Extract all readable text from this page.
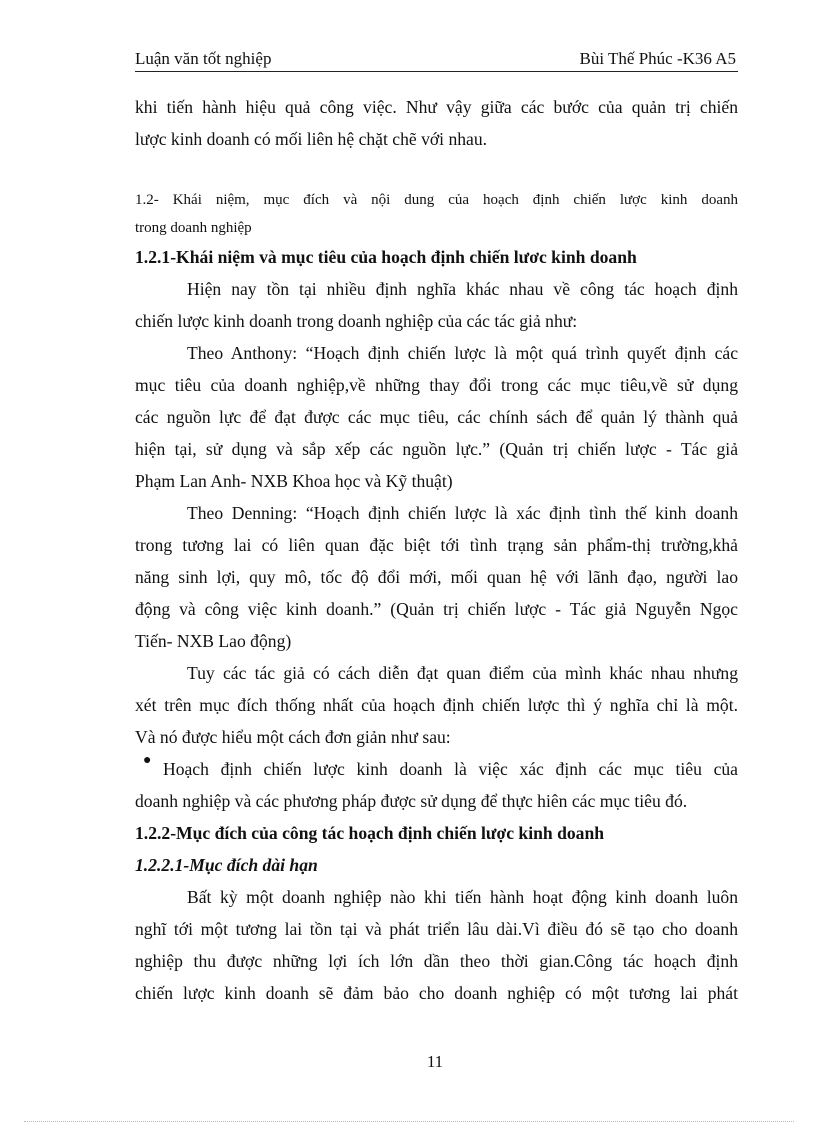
Luận văn tốt nghiệp	Bùi Thế Phúc -K36 A5
khi tiến hành hiệu quả công việc. Như vậy giữa các bước của quản trị chiến
lược kinh doanh có mối liên hệ chặt chẽ với nhau.
1.2- Khái niệm, mục đích và nội dung của hoạch định chiến lược kinh doanh
trong doanh nghiệp
1.2.1-Khái niệm và mục tiêu của hoạch định chiến lươc kinh doanh
Hiện nay tồn tại nhiều định nghĩa khác nhau về công tác hoạch định
chiến lược kinh doanh trong doanh nghiệp của các tác giả như:
Theo Anthony: “Hoạch định chiến lược là một quá trình quyết định các
mục tiêu của doanh nghiệp,về những thay đổi trong các mục tiêu,về sử dụng
các nguồn lực để đạt được các mục tiêu, các chính sách để quản lý thành quả
hiện tại, sử dụng và sắp xếp các nguồn lực.” (Quản trị chiến lược - Tác giả
Phạm Lan Anh- NXB Khoa học và Kỹ thuật)
Theo Denning: “Hoạch định chiến lược là xác định tình thế kinh doanh
trong tương lai có liên quan đặc biệt tới tình trạng sản phẩm-thị trường,khả
năng sinh lợi, quy mô, tốc độ đổi mới, mối quan hệ với lãnh đạo, người lao
động và công việc kinh doanh.” (Quản trị chiến lược - Tác giả Nguyễn Ngọc
Tiến- NXB Lao động)
Tuy các tác giả có cách diễn đạt quan điểm của mình khác nhau nhưng
xét trên mục đích thống nhất của hoạch định chiến lược thì ý nghĩa chỉ là một.
Và nó được hiểu một cách đơn giản như sau:
● Hoạch định chiến lược kinh doanh là việc xác định các mục tiêu của
doanh nghiệp và các phương pháp được sử dụng để thực hiên các mục tiêu đó.
1.2.2-Mục đích của công tác hoạch định chiến lược kinh doanh
1.2.2.1-Mục đích dài hạn
Bất kỳ một doanh nghiệp nào khi tiến hành hoạt động kinh doanh luôn
nghĩ tới một tương lai tồn tại và phát triển lâu dài.Vì điều đó sẽ tạo cho doanh
nghiệp thu được những lợi ích lớn dần theo thời gian.Công tác hoạch định
chiến lược kinh doanh sẽ đảm bảo cho doanh nghiệp có một tương lai phát
11
